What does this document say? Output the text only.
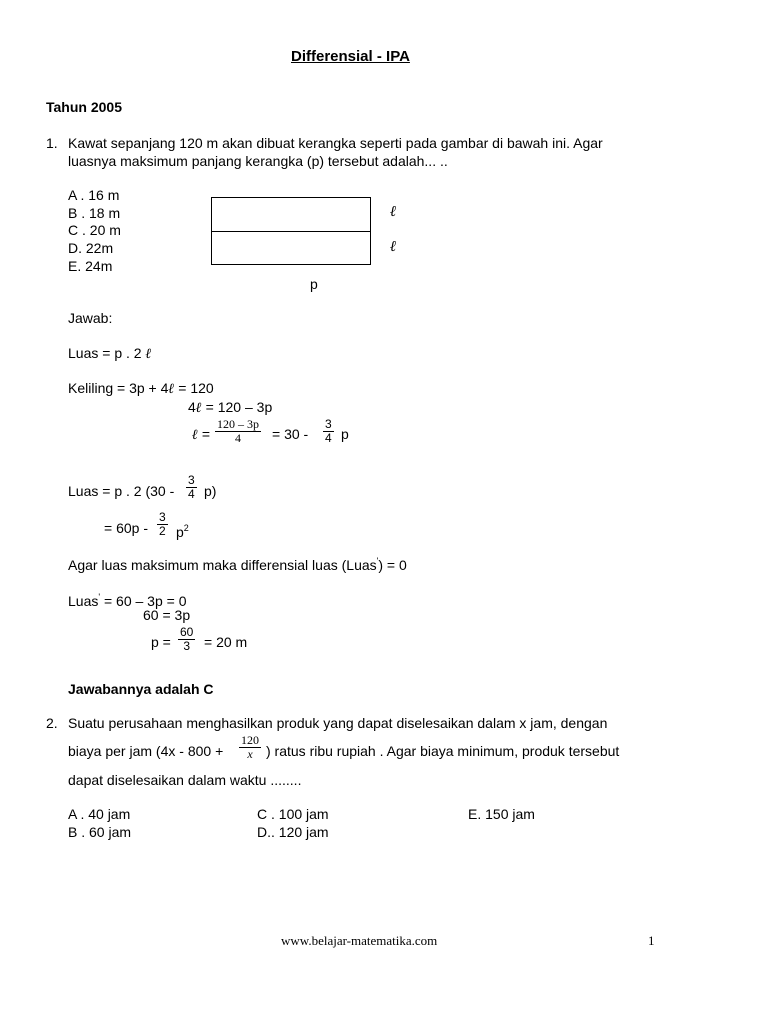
Differensial - IPA
Tahun 2005
1. Kawat sepanjang 120 m akan dibuat kerangka seperti pada gambar di bawah ini. Agar
luasnya maksimum panjang kerangka (p) tersebut adalah... ..
A . 16 m
B . 18 m
C . 20 m
D. 22m
E. 24m
ℓ
ℓ
p
Jawab:
Luas = p . 2 ℓ
Keliling = 3p + 4ℓ = 120
4ℓ = 120 – 3p
ℓ = $\frac{120 - 3p}{4} = 30 - \frac{3}{4}$ p
Luas = p . 2 $(30 - \frac{3}{4} p)$
= $60p - \frac{3}{2} p^2$
Agar luas maksimum maka differensial luas (Luas') = 0
Luas' = 60 – 3p = 0
60 = 3p
$p = \frac{60}{3} = 20$ m
Jawabannya adalah C
2. Suatu perusahaan menghasilkan produk yang dapat diselesaikan dalam x jam, dengan
biaya per jam ($4x - 800 + \frac{120}{x}$ ) ratus ribu rupiah . Agar biaya minimum, produk tersebut
dapat diselesaikan dalam waktu ........
A . 40 jam
B . 60 jam
C . 100 jam
D.. 120 jam
E. 150 jam
www.belajar-matematika.com	1
